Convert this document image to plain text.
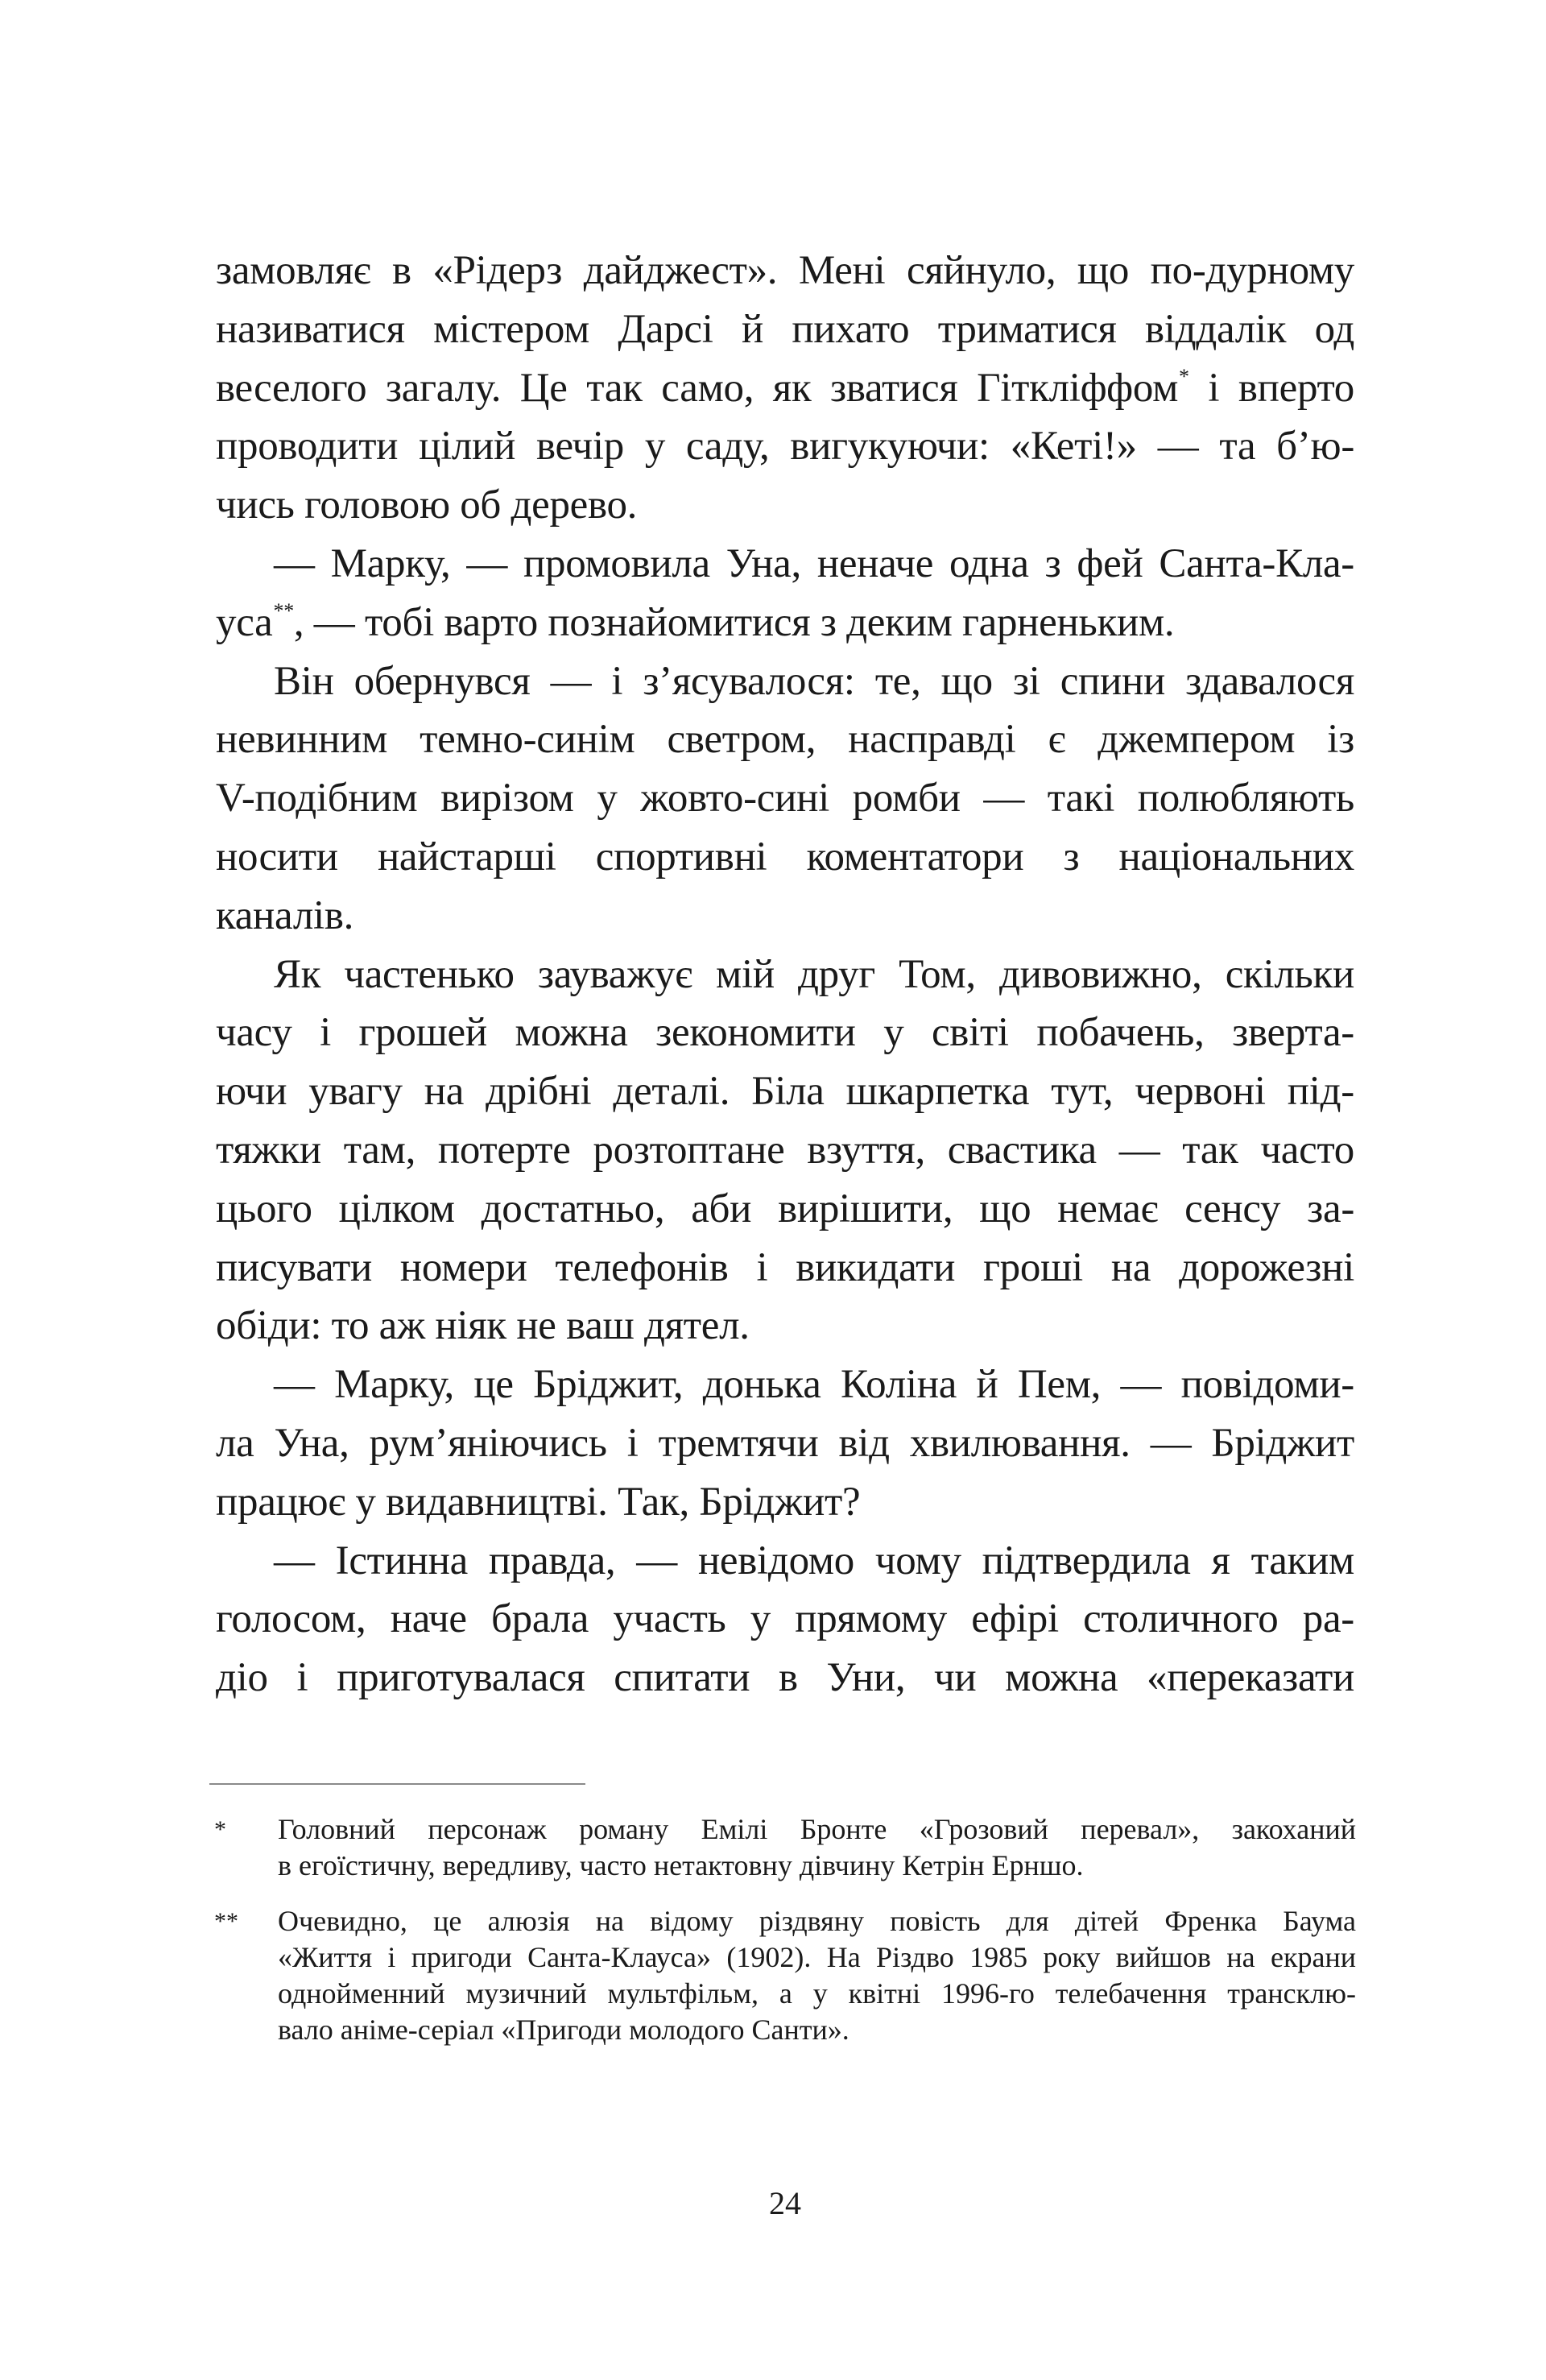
замовляє в «Рідерз дайджест». Мені сяйнуло, що по-дурному
називатися містером Дарсі й пихато триматися віддалік од
веселого загалу. Це так само, як зватися Гіткліффом* і вперто
проводити цілий вечір у саду, вигукуючи: «Кеті!» — та б’ю-
чись головою об дерево.
— Марку, — промовила Уна, неначе одна з фей Санта-Кла-
уса**, — тобі варто познайомитися з деким гарненьким.
Він обернувся — і з’ясувалося: те, що зі спини здавалося
невинним темно-синім светром, насправді є джемпером із
V-подібним вирізом у жовто-сині ромби — такі полюбляють
носити найстарші спортивні коментатори з національних
каналів.
Як частенько зауважує мій друг Том, дивовижно, скільки
часу і грошей можна зекономити у світі побачень, зверта-
ючи увагу на дрібні деталі. Біла шкарпетка тут, червоні під-
тяжки там, потерте розтоптане взуття, свастика — так часто
цього цілком достатньо, аби вирішити, що немає сенсу за-
писувати номери телефонів і викидати гроші на дорожезні
обіди: то аж ніяк не ваш дятел.
— Марку, це Бріджит, донька Коліна й Пем, — повідоми-
ла Уна, рум’яніючись і тремтячи від хвилювання. — Бріджит
працює у видавництві. Так, Бріджит?
— Істинна правда, — невідомо чому підтвердила я таким
голосом, наче брала участь у прямому ефірі столичного ра-
діо і приготувалася спитати в Уни, чи можна «переказати
* Головний персонаж роману Емілі Бронте «Грозовий перевал», закоханий
в егоїстичну, вередливу, часто нетактовну дівчину Кетрін Ерншо.
** Очевидно, це алюзія на відому різдвяну повість для дітей Френка Баума
«Життя і пригоди Санта-Клауса» (1902). На Різдво 1985 року вийшов на екрани
однойменний музичний мультфільм, а у квітні 1996-го телебачення трансклю-
вало аніме-серіал «Пригоди молодого Санти».
24
